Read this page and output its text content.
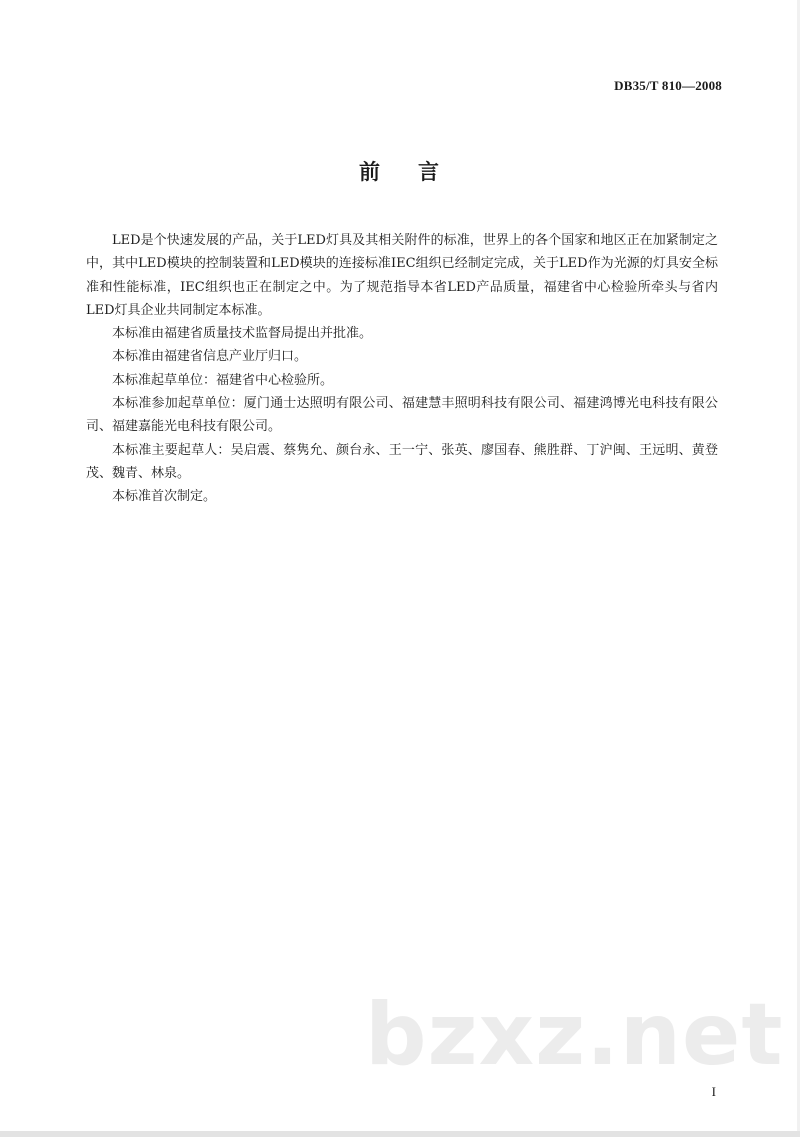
DB35/T 810—2008
前 言

LED是个快速发展的产品，关于LED灯具及其相关附件的标准，世界上的各个国家和地区正在加紧制定之中，其中LED模块的控制装置和LED模块的连接标准IEC组织已经制定完成，关于LED作为光源的灯具安全标准和性能标准，IEC组织也正在制定之中。为了规范指导本省LED产品质量，福建省中心检验所牵头与省内LED灯具企业共同制定本标准。

本标准由福建省质量技术监督局提出并批准。

本标准由福建省信息产业厅归口。

本标准起草单位：福建省中心检验所。

本标准参加起草单位：厦门通士达照明有限公司、福建慧丰照明科技有限公司、福建鸿博光电科技有限公司、福建嘉能光电科技有限公司。

本标准主要起草人：吴启震、蔡隽允、颜台永、王一宁、张英、廖国春、熊胜群、丁沪闽、王远明、黄登茂、魏青、林泉。

本标准首次制定。

bzxz.net
I
